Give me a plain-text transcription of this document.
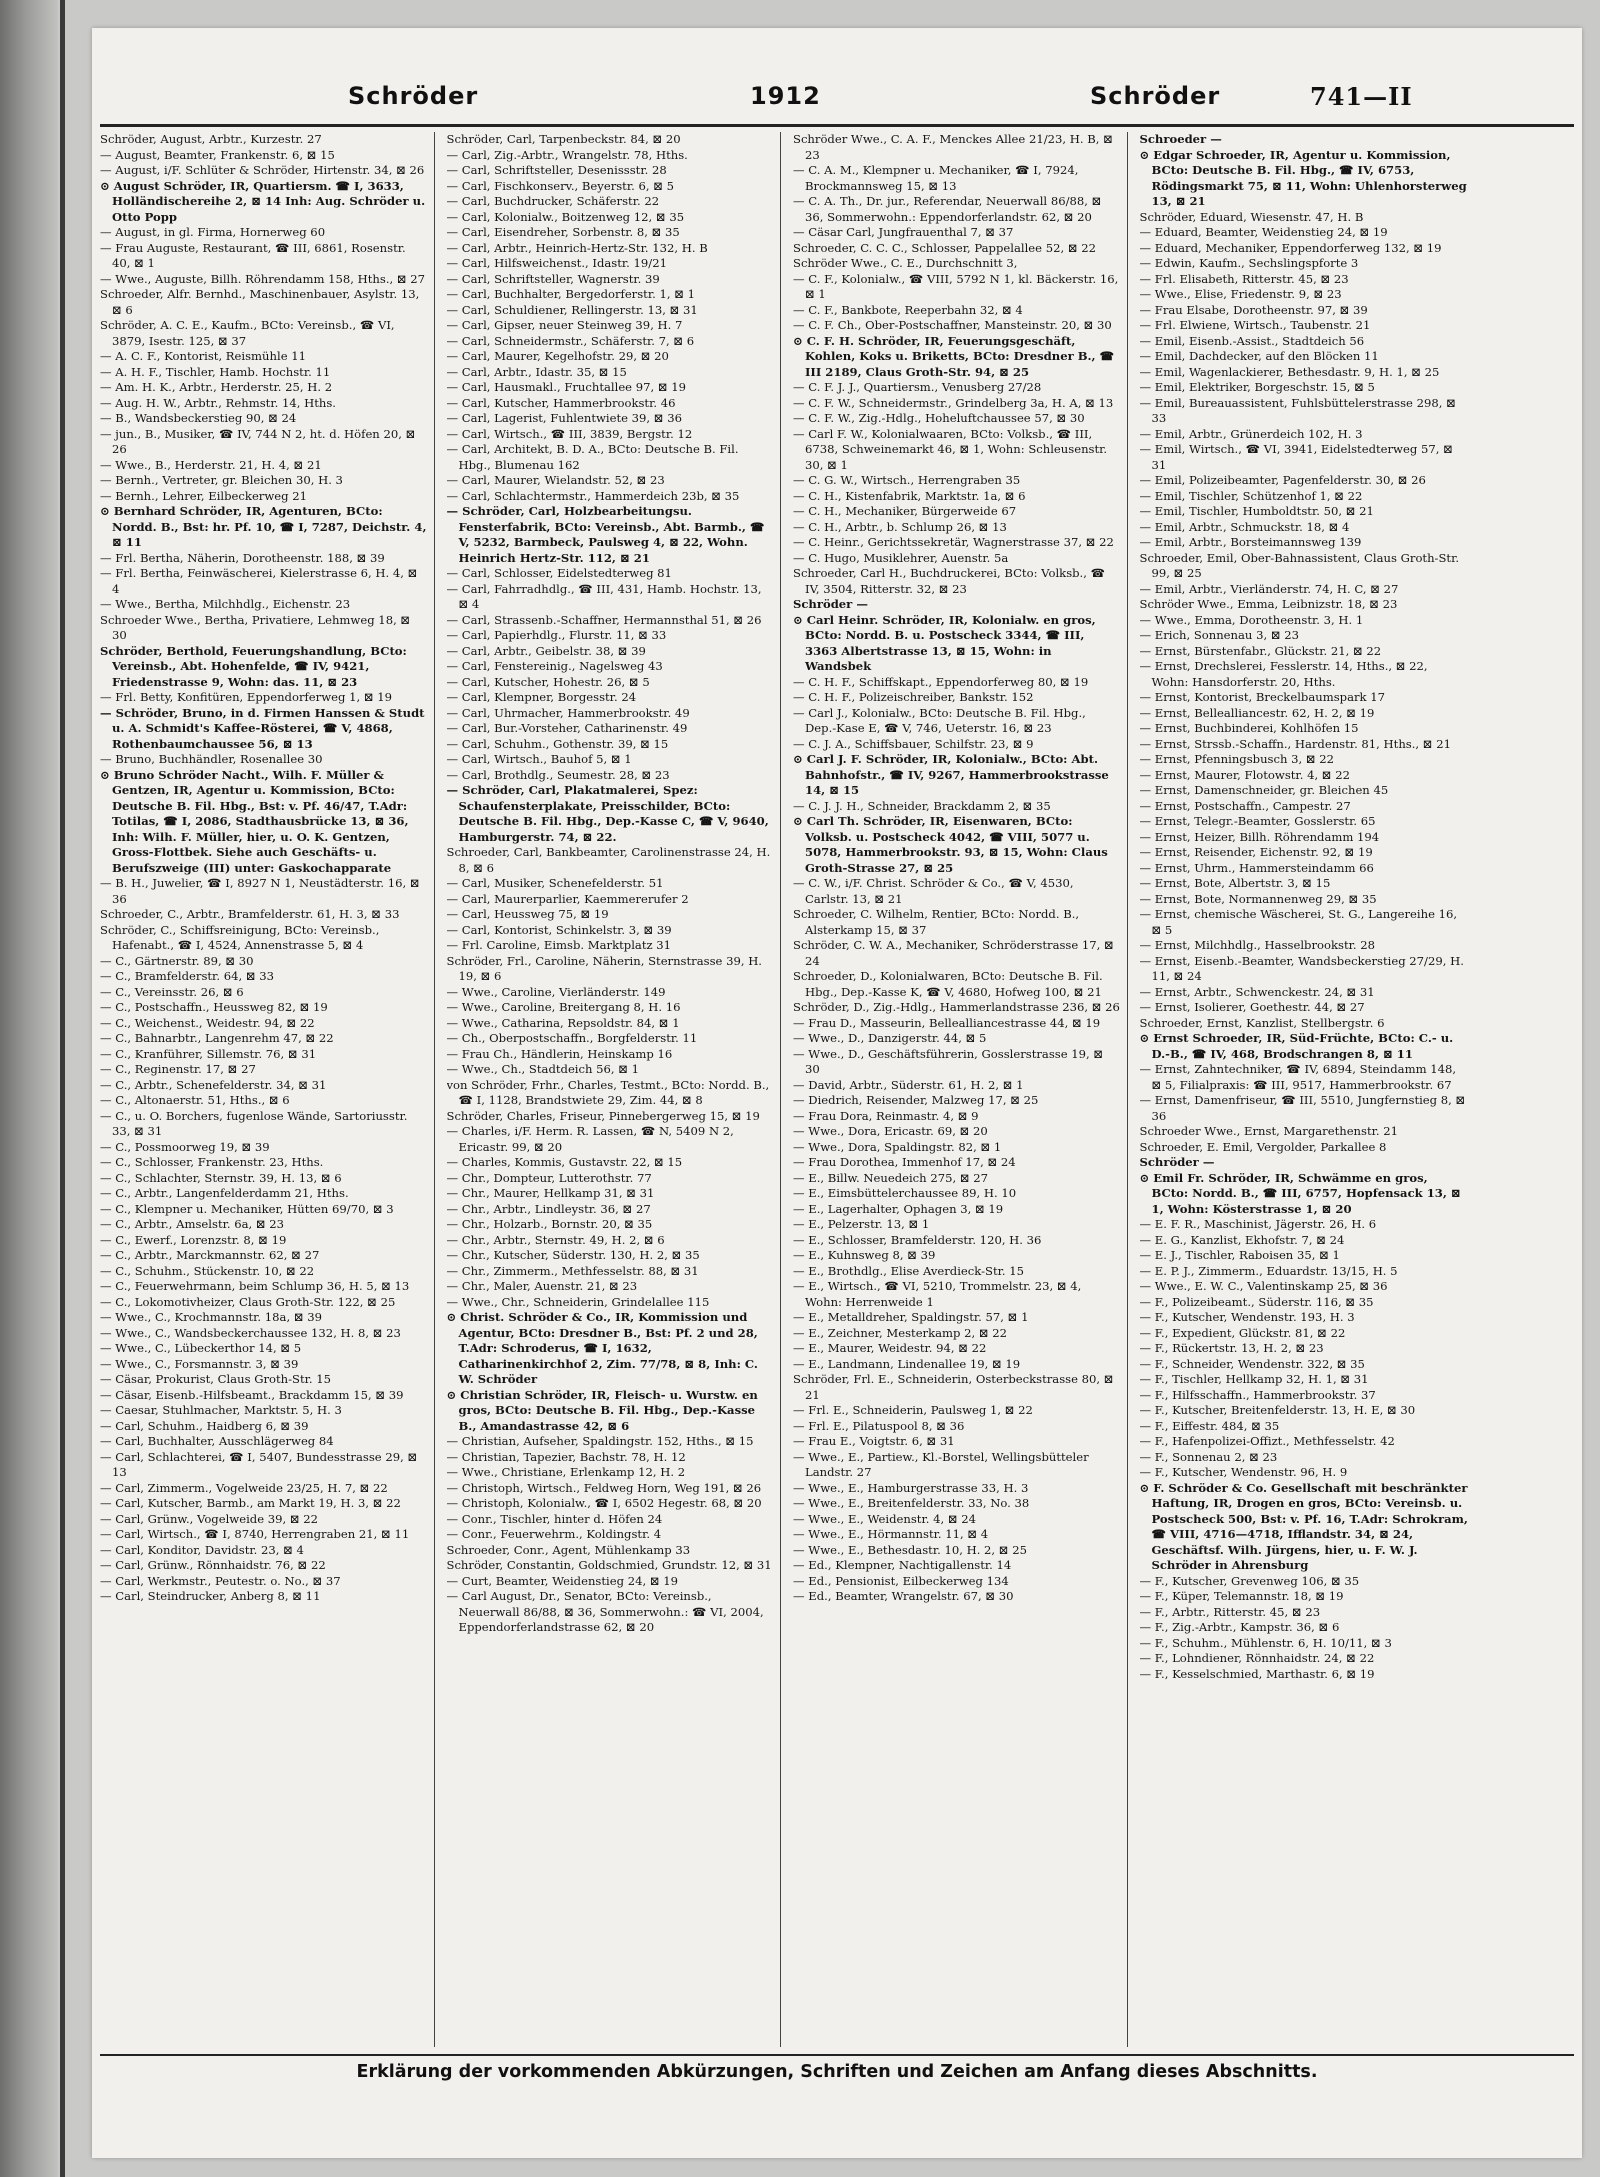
Schröder	1912	Schröder	741—II

Schröder, August, Arbtr., Kurzestr. 27

— August, Beamter, Frankenstr. 6, ⊠ 15

— August, i/F. Schlüter & Schröder, Hirtenstr. 34, ⊠ 26

⊙ August Schröder, IR, Quartiersm. ☎ I, 3633, Holländischereihe 2, ⊠ 14 Inh: Aug. Schröder u. Otto Popp

— August, in gl. Firma, Hornerweg 60

— Frau Auguste, Restaurant, ☎ III, 6861, Rosenstr. 40, ⊠ 1

— Wwe., Auguste, Billh. Röhrendamm 158, Hths., ⊠ 27

Schroeder, Alfr. Bernhd., Maschinenbauer, Asylstr. 13, ⊠ 6

Schröder, A. C. E., Kaufm., BCto: Vereinsb., ☎ VI, 3879, Isestr. 125, ⊠ 37

— A. C. F., Kontorist, Reismühle 11

— A. H. F., Tischler, Hamb. Hochstr. 11

— Am. H. K., Arbtr., Herderstr. 25, H. 2

— Aug. H. W., Arbtr., Rehmstr. 14, Hths.

— B., Wandsbeckerstieg 90, ⊠ 24

— jun., B., Musiker, ☎ IV, 744 N 2, ht. d. Höfen 20, ⊠ 26

— Wwe., B., Herderstr. 21, H. 4, ⊠ 21

— Bernh., Vertreter, gr. Bleichen 30, H. 3

— Bernh., Lehrer, Eilbeckerweg 21

⊙ Bernhard Schröder, IR, Agenturen, BCto: Nordd. B., Bst: hr. Pf. 10, ☎ I, 7287, Deichstr. 4, ⊠ 11

— Frl. Bertha, Näherin, Dorotheenstr. 188, ⊠ 39

— Frl. Bertha, Feinwäscherei, Kielerstrasse 6, H. 4, ⊠ 4

— Wwe., Bertha, Milchhdlg., Eichenstr. 23

Schroeder Wwe., Bertha, Privatiere, Lehmweg 18, ⊠ 30

Schröder, Berthold, Feuerungshandlung, BCto: Vereinsb., Abt. Hohenfelde, ☎ IV, 9421, Friedenstrasse 9, Wohn: das. 11, ⊠ 23

— Frl. Betty, Konfitüren, Eppendorferweg 1, ⊠ 19

— Schröder, Bruno, in d. Firmen Hanssen & Studt u. A. Schmidt's Kaffee-Rösterei, ☎ V, 4868, Rothenbaumchaussee 56, ⊠ 13

— Bruno, Buchhändler, Rosenallee 30

⊙ Bruno Schröder Nacht., Wilh. F. Müller & Gentzen, IR, Agentur u. Kommission, BCto: Deutsche B. Fil. Hbg., Bst: v. Pf. 46/47, T.Adr: Totilas, ☎ I, 2086, Stadthausbrücke 13, ⊠ 36, Inh: Wilh. F. Müller, hier, u. O. K. Gentzen, Gross-Flottbek. Siehe auch Geschäfts- u. Berufszweige (III) unter: Gaskochapparate

— B. H., Juwelier, ☎ I, 8927 N 1, Neustädterstr. 16, ⊠ 36

Schroeder, C., Arbtr., Bramfelderstr. 61, H. 3, ⊠ 33

Schröder, C., Schiffsreinigung, BCto: Vereinsb., Hafenabt., ☎ I, 4524, Annenstrasse 5, ⊠ 4

— C., Gärtnerstr. 89, ⊠ 30

— C., Bramfelderstr. 64, ⊠ 33

— C., Vereinsstr. 26, ⊠ 6

— C., Postschaffn., Heussweg 82, ⊠ 19

— C., Weichenst., Weidestr. 94, ⊠ 22

— C., Bahnarbtr., Langenrehm 47, ⊠ 22

— C., Kranführer, Sillemstr. 76, ⊠ 31

— C., Reginenstr. 17, ⊠ 27

— C., Arbtr., Schenefelderstr. 34, ⊠ 31

— C., Altonaerstr. 51, Hths., ⊠ 6

— C., u. O. Borchers, fugenlose Wände, Sartoriusstr. 33, ⊠ 31

— C., Possmoorweg 19, ⊠ 39

— C., Schlosser, Frankenstr. 23, Hths.

— C., Schlachter, Sternstr. 39, H. 13, ⊠ 6

— C., Arbtr., Langenfelderdamm 21, Hths.

— C., Klempner u. Mechaniker, Hütten 69/70, ⊠ 3

— C., Arbtr., Amselstr. 6a, ⊠ 23

— C., Ewerf., Lorenzstr. 8, ⊠ 19

— C., Arbtr., Marckmannstr. 62, ⊠ 27

— C., Schuhm., Stückenstr. 10, ⊠ 22

— C., Feuerwehrmann, beim Schlump 36, H. 5, ⊠ 13

— C., Lokomotivheizer, Claus Groth-Str. 122, ⊠ 25

— Wwe., C., Krochmannstr. 18a, ⊠ 39

— Wwe., C., Wandsbeckerchaussee 132, H. 8, ⊠ 23

— Wwe., C., Lübeckerthor 14, ⊠ 5

— Wwe., C., Forsmannstr. 3, ⊠ 39

— Cäsar, Prokurist, Claus Groth-Str. 15

— Cäsar, Eisenb.-Hilfsbeamt., Brackdamm 15, ⊠ 39

— Caesar, Stuhlmacher, Marktstr. 5, H. 3

— Carl, Schuhm., Haidberg 6, ⊠ 39

— Carl, Buchhalter, Ausschlägerweg 84

— Carl, Schlachterei, ☎ I, 5407, Bundesstrasse 29, ⊠ 13

— Carl, Zimmerm., Vogelweide 23/25, H. 7, ⊠ 22

— Carl, Kutscher, Barmb., am Markt 19, H. 3, ⊠ 22

— Carl, Grünw., Vogelweide 39, ⊠ 22

— Carl, Wirtsch., ☎ I, 8740, Herrengraben 21, ⊠ 11

— Carl, Konditor, Davidstr. 23, ⊠ 4

— Carl, Grünw., Rönnhaidstr. 76, ⊠ 22

— Carl, Werkmstr., Peutestr. o. No., ⊠ 37

— Carl, Steindrucker, Anberg 8, ⊠ 11

Schröder, Carl, Tarpenbeckstr. 84, ⊠ 20

— Carl, Zig.-Arbtr., Wrangelstr. 78, Hths.

— Carl, Schriftsteller, Desenissstr. 28

— Carl, Fischkonserv., Beyerstr. 6, ⊠ 5

— Carl, Buchdrucker, Schäferstr. 22

— Carl, Kolonialw., Boitzenweg 12, ⊠ 35

— Carl, Eisendreher, Sorbenstr. 8, ⊠ 35

— Carl, Arbtr., Heinrich-Hertz-Str. 132, H. B

— Carl, Hilfsweichenst., Idastr. 19/21

— Carl, Schriftsteller, Wagnerstr. 39

— Carl, Buchhalter, Bergedorferstr. 1, ⊠ 1

— Carl, Schuldiener, Rellingerstr. 13, ⊠ 31

— Carl, Gipser, neuer Steinweg 39, H. 7

— Carl, Schneidermstr., Schäferstr. 7, ⊠ 6

— Carl, Maurer, Kegelhofstr. 29, ⊠ 20

— Carl, Arbtr., Idastr. 35, ⊠ 15

— Carl, Hausmakl., Fruchtallee 97, ⊠ 19

— Carl, Kutscher, Hammerbrookstr. 46

— Carl, Lagerist, Fuhlentwiete 39, ⊠ 36

— Carl, Wirtsch., ☎ III, 3839, Bergstr. 12

— Carl, Architekt, B. D. A., BCto: Deutsche B. Fil. Hbg., Blumenau 162

— Carl, Maurer, Wielandstr. 52, ⊠ 23

— Carl, Schlachtermstr., Hammerdeich 23b, ⊠ 35

— Schröder, Carl, Holzbearbeitungsu. Fensterfabrik, BCto: Vereinsb., Abt. Barmb., ☎ V, 5232, Barmbeck, Paulsweg 4, ⊠ 22, Wohn. Heinrich Hertz-Str. 112, ⊠ 21

— Carl, Schlosser, Eidelstedterweg 81

— Carl, Fahrradhdlg., ☎ III, 431, Hamb. Hochstr. 13, ⊠ 4

— Carl, Strassenb.-Schaffner, Hermannsthal 51, ⊠ 26

— Carl, Papierhdlg., Flurstr. 11, ⊠ 33

— Carl, Arbtr., Geibelstr. 38, ⊠ 39

— Carl, Fenstereinig., Nagelsweg 43

— Carl, Kutscher, Hohestr. 26, ⊠ 5

— Carl, Klempner, Borgesstr. 24

— Carl, Uhrmacher, Hammerbrookstr. 49

— Carl, Bur.-Vorsteher, Catharinenstr. 49

— Carl, Schuhm., Gothenstr. 39, ⊠ 15

— Carl, Wirtsch., Bauhof 5, ⊠ 1

— Carl, Brothdlg., Seumestr. 28, ⊠ 23

— Schröder, Carl, Plakatmalerei, Spez: Schaufensterplakate, Preisschilder, BCto: Deutsche B. Fil. Hbg., Dep.-Kasse C, ☎ V, 9640, Hamburgerstr. 74, ⊠ 22.

Schroeder, Carl, Bankbeamter, Carolinenstrasse 24, H. 8, ⊠ 6

— Carl, Musiker, Schenefelderstr. 51

— Carl, Maurerparlier, Kaemmererufer 2

— Carl, Heussweg 75, ⊠ 19

— Carl, Kontorist, Schinkelstr. 3, ⊠ 39

— Frl. Caroline, Eimsb. Marktplatz 31

Schröder, Frl., Caroline, Näherin, Sternstrasse 39, H. 19, ⊠ 6

— Wwe., Caroline, Vierländerstr. 149

— Wwe., Caroline, Breitergang 8, H. 16

— Wwe., Catharina, Repsoldstr. 84, ⊠ 1

— Ch., Oberpostschaffn., Borgfelderstr. 11

— Frau Ch., Händlerin, Heinskamp 16

— Wwe., Ch., Stadtdeich 56, ⊠ 1

von Schröder, Frhr., Charles, Testmt., BCto: Nordd. B., ☎ I, 1128, Brandstwiete 29, Zim. 44, ⊠ 8

Schröder, Charles, Friseur, Pinnebergerweg 15, ⊠ 19

— Charles, i/F. Herm. R. Lassen, ☎ N, 5409 N 2, Ericastr. 99, ⊠ 20

— Charles, Kommis, Gustavstr. 22, ⊠ 15

— Chr., Dompteur, Lutterothstr. 77

— Chr., Maurer, Hellkamp 31, ⊠ 31

— Chr., Arbtr., Lindleystr. 36, ⊠ 27

— Chr., Holzarb., Bornstr. 20, ⊠ 35

— Chr., Arbtr., Sternstr. 49, H. 2, ⊠ 6

— Chr., Kutscher, Süderstr. 130, H. 2, ⊠ 35

— Chr., Zimmerm., Methfesselstr. 88, ⊠ 31

— Chr., Maler, Auenstr. 21, ⊠ 23

— Wwe., Chr., Schneiderin, Grindelallee 115

⊙ Christ. Schröder & Co., IR, Kommission und Agentur, BCto: Dresdner B., Bst: Pf. 2 und 28, T.Adr: Schroderus, ☎ I, 1632, Catharinenkirchhof 2, Zim. 77/78, ⊠ 8, Inh: C. W. Schröder

⊙ Christian Schröder, IR, Fleisch- u. Wurstw. en gros, BCto: Deutsche B. Fil. Hbg., Dep.-Kasse B., Amandastrasse 42, ⊠ 6

— Christian, Aufseher, Spaldingstr. 152, Hths., ⊠ 15

— Christian, Tapezier, Bachstr. 78, H. 12

— Wwe., Christiane, Erlenkamp 12, H. 2

— Christoph, Wirtsch., Feldweg Horn, Weg 191, ⊠ 26

— Christoph, Kolonialw., ☎ I, 6502 Hegestr. 68, ⊠ 20

— Conr., Tischler, hinter d. Höfen 24

— Conr., Feuerwehrm., Koldingstr. 4

Schroeder, Conr., Agent, Mühlenkamp 33

Schröder, Constantin, Goldschmied, Grundstr. 12, ⊠ 31

— Curt, Beamter, Weidenstieg 24, ⊠ 19

— Carl August, Dr., Senator, BCto: Vereinsb., Neuerwall 86/88, ⊠ 36, Sommerwohn.: ☎ VI, 2004, Eppendorferlandstrasse 62, ⊠ 20

Schröder Wwe., C. A. F., Menckes Allee 21/23, H. B, ⊠ 23

— C. A. M., Klempner u. Mechaniker, ☎ I, 7924, Brockmannsweg 15, ⊠ 13

— C. A. Th., Dr. jur., Referendar, Neuerwall 86/88, ⊠ 36, Sommerwohn.: Eppendorferlandstr. 62, ⊠ 20

— Cäsar Carl, Jungfrauenthal 7, ⊠ 37

Schroeder, C. C. C., Schlosser, Pappelallee 52, ⊠ 22

Schröder Wwe., C. E., Durchschnitt 3,

— C. F., Kolonialw., ☎ VIII, 5792 N 1, kl. Bäckerstr. 16, ⊠ 1

— C. F., Bankbote, Reeperbahn 32, ⊠ 4

— C. F. Ch., Ober-Postschaffner, Mansteinstr. 20, ⊠ 30

⊙ C. F. H. Schröder, IR, Feuerungsgeschäft, Kohlen, Koks u. Briketts, BCto: Dresdner B., ☎ III 2189, Claus Groth-Str. 94, ⊠ 25

— C. F. J. J., Quartiersm., Venusberg 27/28

— C. F. W., Schneidermstr., Grindelberg 3a, H. A, ⊠ 13

— C. F. W., Zig.-Hdlg., Hoheluftchaussee 57, ⊠ 30

— Carl F. W., Kolonialwaaren, BCto: Volksb., ☎ III, 6738, Schweinemarkt 46, ⊠ 1, Wohn: Schleusenstr. 30, ⊠ 1

— C. G. W., Wirtsch., Herrengraben 35

— C. H., Kistenfabrik, Marktstr. 1a, ⊠ 6

— C. H., Mechaniker, Bürgerweide 67

— C. H., Arbtr., b. Schlump 26, ⊠ 13

— C. Heinr., Gerichtssekretär, Wagnerstrasse 37, ⊠ 22

— C. Hugo, Musiklehrer, Auenstr. 5a

Schroeder, Carl H., Buchdruckerei, BCto: Volksb., ☎ IV, 3504, Ritterstr. 32, ⊠ 23

Schröder —

⊙ Carl Heinr. Schröder, IR, Kolonialw. en gros, BCto: Nordd. B. u. Postscheck 3344, ☎ III, 3363 Albertstrasse 13, ⊠ 15, Wohn: in Wandsbek

— C. H. F., Schiffskapt., Eppendorferweg 80, ⊠ 19

— C. H. F., Polizeischreiber, Bankstr. 152

— Carl J., Kolonialw., BCto: Deutsche B. Fil. Hbg., Dep.-Kase E, ☎ V, 746, Ueterstr. 16, ⊠ 23

— C. J. A., Schiffsbauer, Schilfstr. 23, ⊠ 9

⊙ Carl J. F. Schröder, IR, Kolonialw., BCto: Abt. Bahnhofstr., ☎ IV, 9267, Hammerbrookstrasse 14, ⊠ 15

— C. J. J. H., Schneider, Brackdamm 2, ⊠ 35

⊙ Carl Th. Schröder, IR, Eisenwaren, BCto: Volksb. u. Postscheck 4042, ☎ VIII, 5077 u. 5078, Hammerbrookstr. 93, ⊠ 15, Wohn: Claus Groth-Strasse 27, ⊠ 25

— C. W., i/F. Christ. Schröder & Co., ☎ V, 4530, Carlstr. 13, ⊠ 21

Schroeder, C. Wilhelm, Rentier, BCto: Nordd. B., Alsterkamp 15, ⊠ 37

Schröder, C. W. A., Mechaniker, Schröderstrasse 17, ⊠ 24

Schroeder, D., Kolonialwaren, BCto: Deutsche B. Fil. Hbg., Dep.-Kasse K, ☎ V, 4680, Hofweg 100, ⊠ 21

Schröder, D., Zig.-Hdlg., Hammerlandstrasse 236, ⊠ 26

— Frau D., Masseurin, Bellealliancestrasse 44, ⊠ 19

— Wwe., D., Danzigerstr. 44, ⊠ 5

— Wwe., D., Geschäftsführerin, Gosslerstrasse 19, ⊠ 30

— David, Arbtr., Süderstr. 61, H. 2, ⊠ 1

— Diedrich, Reisender, Malzweg 17, ⊠ 25

— Frau Dora, Reinmastr. 4, ⊠ 9

— Wwe., Dora, Ericastr. 69, ⊠ 20

— Wwe., Dora, Spaldingstr. 82, ⊠ 1

— Frau Dorothea, Immenhof 17, ⊠ 24

— E., Billw. Neuedeich 275, ⊠ 27

— E., Eimsbüttelerchaussee 89, H. 10

— E., Lagerhalter, Ophagen 3, ⊠ 19

— E., Pelzerstr. 13, ⊠ 1

— E., Schlosser, Bramfelderstr. 120, H. 36

— E., Kuhnsweg 8, ⊠ 39

— E., Brothdlg., Elise Averdieck-Str. 15

— E., Wirtsch., ☎ VI, 5210, Trommelstr. 23, ⊠ 4, Wohn: Herrenweide 1

— E., Metalldreher, Spaldingstr. 57, ⊠ 1

— E., Zeichner, Mesterkamp 2, ⊠ 22

— E., Maurer, Weidestr. 94, ⊠ 22

— E., Landmann, Lindenallee 19, ⊠ 19

Schröder, Frl. E., Schneiderin, Osterbeckstrasse 80, ⊠ 21

— Frl. E., Schneiderin, Paulsweg 1, ⊠ 22

— Frl. E., Pilatuspool 8, ⊠ 36

— Frau E., Voigtstr. 6, ⊠ 31

— Wwe., E., Partiew., Kl.-Borstel, Wellingsbütteler Landstr. 27

— Wwe., E., Hamburgerstrasse 33, H. 3

— Wwe., E., Breitenfelderstr. 33, No. 38

— Wwe., E., Weidenstr. 4, ⊠ 24

— Wwe., E., Hörmannstr. 11, ⊠ 4

— Wwe., E., Bethesdastr. 10, H. 2, ⊠ 25

— Ed., Klempner, Nachtigallenstr. 14

— Ed., Pensionist, Eilbeckerweg 134

— Ed., Beamter, Wrangelstr. 67, ⊠ 30

Schroeder —

⊙ Edgar Schroeder, IR, Agentur u. Kommission, BCto: Deutsche B. Fil. Hbg., ☎ IV, 6753, Rödingsmarkt 75, ⊠ 11, Wohn: Uhlenhorsterweg 13, ⊠ 21

Schröder, Eduard, Wiesenstr. 47, H. B

— Eduard, Beamter, Weidenstieg 24, ⊠ 19

— Eduard, Mechaniker, Eppendorferweg 132, ⊠ 19

— Edwin, Kaufm., Sechslingspforte 3

— Frl. Elisabeth, Ritterstr. 45, ⊠ 23

— Wwe., Elise, Friedenstr. 9, ⊠ 23

— Frau Elsabe, Dorotheenstr. 97, ⊠ 39

— Frl. Elwiene, Wirtsch., Taubenstr. 21

— Emil, Eisenb.-Assist., Stadtdeich 56

— Emil, Dachdecker, auf den Blöcken 11

— Emil, Wagenlackierer, Bethesdastr. 9, H. 1, ⊠ 25

— Emil, Elektriker, Borgeschstr. 15, ⊠ 5

— Emil, Bureauassistent, Fuhlsbüttelerstrasse 298, ⊠ 33

— Emil, Arbtr., Grünerdeich 102, H. 3

— Emil, Wirtsch., ☎ VI, 3941, Eidelstedterweg 57, ⊠ 31

— Emil, Polizeibeamter, Pagenfelderstr. 30, ⊠ 26

— Emil, Tischler, Schützenhof 1, ⊠ 22

— Emil, Tischler, Humboldtstr. 50, ⊠ 21

— Emil, Arbtr., Schmuckstr. 18, ⊠ 4

— Emil, Arbtr., Borsteimannsweg 139

Schroeder, Emil, Ober-Bahnassistent, Claus Groth-Str. 99, ⊠ 25

— Emil, Arbtr., Vierländerstr. 74, H. C, ⊠ 27

Schröder Wwe., Emma, Leibnizstr. 18, ⊠ 23

— Wwe., Emma, Dorotheenstr. 3, H. 1

— Erich, Sonnenau 3, ⊠ 23

— Ernst, Bürstenfabr., Glückstr. 21, ⊠ 22

— Ernst, Drechslerei, Fesslerstr. 14, Hths., ⊠ 22, Wohn: Hansdorferstr. 20, Hths.

— Ernst, Kontorist, Breckelbaumspark 17

— Ernst, Bellealliancestr. 62, H. 2, ⊠ 19

— Ernst, Buchbinderei, Kohlhöfen 15

— Ernst, Strssb.-Schaffn., Hardenstr. 81, Hths., ⊠ 21

— Ernst, Pfenningsbusch 3, ⊠ 22

— Ernst, Maurer, Flotowstr. 4, ⊠ 22

— Ernst, Damenschneider, gr. Bleichen 45

— Ernst, Postschaffn., Campestr. 27

— Ernst, Telegr.-Beamter, Gosslerstr. 65

— Ernst, Heizer, Billh. Röhrendamm 194

— Ernst, Reisender, Eichenstr. 92, ⊠ 19

— Ernst, Uhrm., Hammersteindamm 66

— Ernst, Bote, Albertstr. 3, ⊠ 15

— Ernst, Bote, Normannenweg 29, ⊠ 35

— Ernst, chemische Wäscherei, St. G., Langereihe 16, ⊠ 5

— Ernst, Milchhdlg., Hasselbrookstr. 28

— Ernst, Eisenb.-Beamter, Wandsbeckerstieg 27/29, H. 11, ⊠ 24

— Ernst, Arbtr., Schwenckestr. 24, ⊠ 31

— Ernst, Isolierer, Goethestr. 44, ⊠ 27

Schroeder, Ernst, Kanzlist, Stellbergstr. 6

⊙ Ernst Schroeder, IR, Süd-Früchte, BCto: C.- u. D.-B., ☎ IV, 468, Brodschrangen 8, ⊠ 11

— Ernst, Zahntechniker, ☎ IV, 6894, Steindamm 148, ⊠ 5, Filialpraxis: ☎ III, 9517, Hammerbrookstr. 67

— Ernst, Damenfriseur, ☎ III, 5510, Jungfernstieg 8, ⊠ 36

Schroeder Wwe., Ernst, Margarethenstr. 21

Schroeder, E. Emil, Vergolder, Parkallee 8

Schröder —

⊙ Emil Fr. Schröder, IR, Schwämme en gros, BCto: Nordd. B., ☎ III, 6757, Hopfensack 13, ⊠ 1, Wohn: Kösterstrasse 1, ⊠ 20

— E. F. R., Maschinist, Jägerstr. 26, H. 6

— E. G., Kanzlist, Ekhofstr. 7, ⊠ 24

— E. J., Tischler, Raboisen 35, ⊠ 1

— E. P. J., Zimmerm., Eduardstr. 13/15, H. 5

— Wwe., E. W. C., Valentinskamp 25, ⊠ 36

— F., Polizeibeamt., Süderstr. 116, ⊠ 35

— F., Kutscher, Wendenstr. 193, H. 3

— F., Expedient, Glückstr. 81, ⊠ 22

— F., Rückertstr. 13, H. 2, ⊠ 23

— F., Schneider, Wendenstr. 322, ⊠ 35

— F., Tischler, Hellkamp 32, H. 1, ⊠ 31

— F., Hilfsschaffn., Hammerbrookstr. 37

— F., Kutscher, Breitenfelderstr. 13, H. E, ⊠ 30

— F., Eiffestr. 484, ⊠ 35

— F., Hafenpolizei-Offizt., Methfesselstr. 42

— F., Sonnenau 2, ⊠ 23

— F., Kutscher, Wendenstr. 96, H. 9

⊙ F. Schröder & Co. Gesellschaft mit beschränkter Haftung, IR, Drogen en gros, BCto: Vereinsb. u. Postscheck 500, Bst: v. Pf. 16, T.Adr: Schrokram, ☎ VIII, 4716—4718, Ifflandstr. 34, ⊠ 24, Geschäftsf. Wilh. Jürgens, hier, u. F. W. J. Schröder in Ahrensburg

— F., Kutscher, Grevenweg 106, ⊠ 35

— F., Küper, Telemannstr. 18, ⊠ 19

— F., Arbtr., Ritterstr. 45, ⊠ 23

— F., Zig.-Arbtr., Kampstr. 36, ⊠ 6

— F., Schuhm., Mühlenstr. 6, H. 10/11, ⊠ 3

— F., Lohndiener, Rönnhaidstr. 24, ⊠ 22

— F., Kesselschmied, Marthastr. 6, ⊠ 19

Erklärung der vorkommenden Abkürzungen, Schriften und Zeichen am Anfang dieses Abschnitts.
